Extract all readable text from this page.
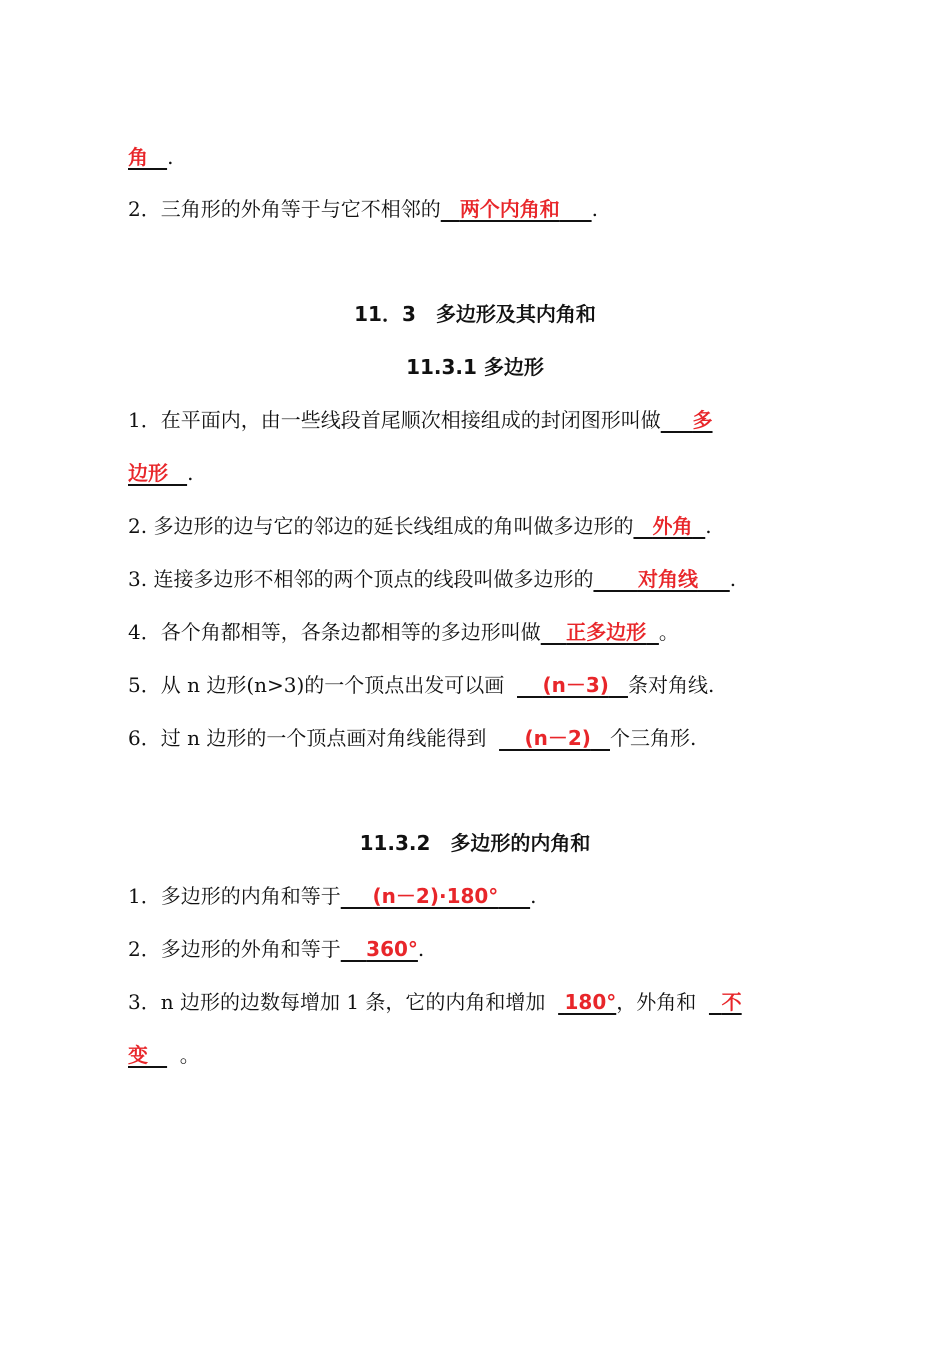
角 .
2．三角形的外角等于与它不相邻的 两个内角和 .
11．3　多边形及其内角和
11.3.1 多边形
1．在平面内，由一些线段首尾顺次相接组成的封闭图形叫做 多
边形 .
2. 多边形的边与它的邻边的延长线组成的角叫做多边形的 外角 .
3. 连接多边形不相邻的两个顶点的线段叫做多边形的 对角线 .
4．各个角都相等，各条边都相等的多边形叫做 正多边形 。
5．从 n 边形(n>3)的一个顶点出发可以画 (n－3) 条对角线.
6．过 n 边形的一个顶点画对角线能得到 (n－2) 个三角形.
11.3.2　多边形的内角和
1．多边形的内角和等于 (n－2)·180° .
2．多边形的外角和等于 360°.
3．n 边形的边数每增加 1 条，它的内角和增加 180°，外角和 不
变 。
